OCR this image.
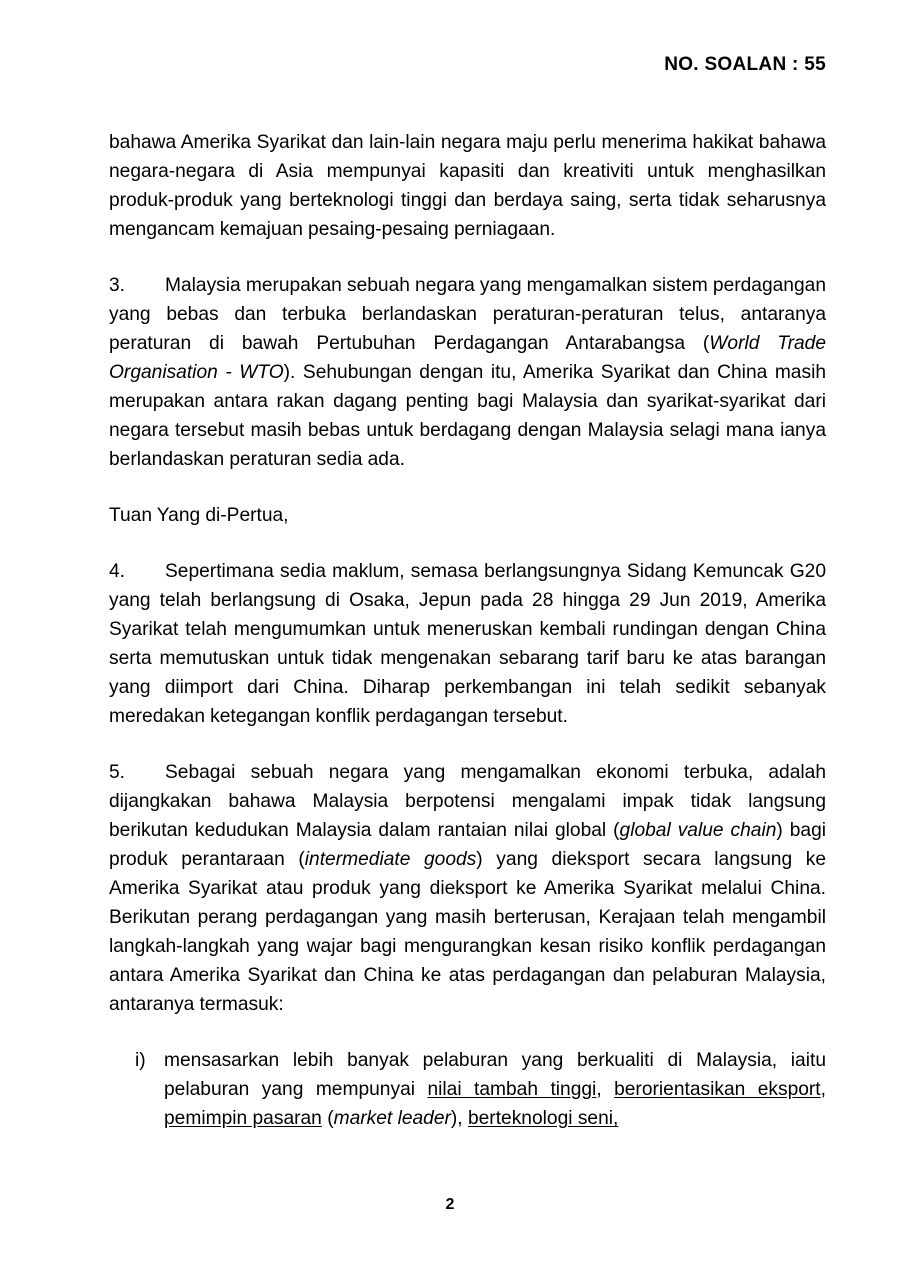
NO. SOALAN : 55

bahawa Amerika Syarikat dan lain-lain negara maju perlu menerima hakikat bahawa negara-negara di Asia mempunyai kapasiti dan kreativiti untuk menghasilkan produk-produk yang berteknologi tinggi dan berdaya saing, serta tidak seharusnya mengancam kemajuan pesaing-pesaing perniagaan.

3. Malaysia merupakan sebuah negara yang mengamalkan sistem perdagangan yang bebas dan terbuka berlandaskan peraturan-peraturan telus, antaranya peraturan di bawah Pertubuhan Perdagangan Antarabangsa (World Trade Organisation - WTO). Sehubungan dengan itu, Amerika Syarikat dan China masih merupakan antara rakan dagang penting bagi Malaysia dan syarikat-syarikat dari negara tersebut masih bebas untuk berdagang dengan Malaysia selagi mana ianya berlandaskan peraturan sedia ada.

Tuan Yang di-Pertua,

4. Sepertimana sedia maklum, semasa berlangsungnya Sidang Kemuncak G20 yang telah berlangsung di Osaka, Jepun pada 28 hingga 29 Jun 2019, Amerika Syarikat telah mengumumkan untuk meneruskan kembali rundingan dengan China serta memutuskan untuk tidak mengenakan sebarang tarif baru ke atas barangan yang diimport dari China. Diharap perkembangan ini telah sedikit sebanyak meredakan ketegangan konflik perdagangan tersebut.

5. Sebagai sebuah negara yang mengamalkan ekonomi terbuka, adalah dijangkakan bahawa Malaysia berpotensi mengalami impak tidak langsung berikutan kedudukan Malaysia dalam rantaian nilai global (global value chain) bagi produk perantaraan (intermediate goods) yang dieksport secara langsung ke Amerika Syarikat atau produk yang dieksport ke Amerika Syarikat melalui China. Berikutan perang perdagangan yang masih berterusan, Kerajaan telah mengambil langkah-langkah yang wajar bagi mengurangkan kesan risiko konflik perdagangan antara Amerika Syarikat dan China ke atas perdagangan dan pelaburan Malaysia, antaranya termasuk:

i) mensasarkan lebih banyak pelaburan yang berkualiti di Malaysia, iaitu pelaburan yang mempunyai nilai tambah tinggi, berorientasikan eksport, pemimpin pasaran (market leader), berteknologi seni,
2
